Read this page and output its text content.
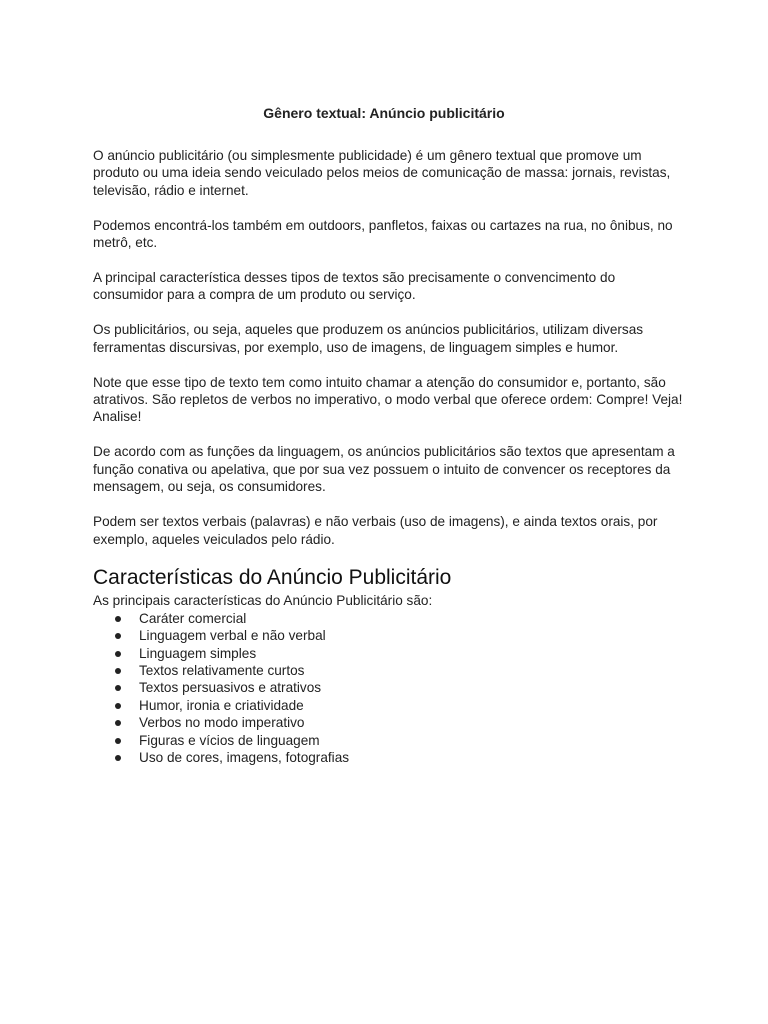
Gênero textual: Anúncio publicitário

O anúncio publicitário (ou simplesmente publicidade) é um gênero textual que promove um produto ou uma ideia sendo veiculado pelos meios de comunicação de massa: jornais, revistas, televisão, rádio e internet.

Podemos encontrá-los também em outdoors, panfletos, faixas ou cartazes na rua, no ônibus, no metrô, etc.

A principal característica desses tipos de textos são precisamente o convencimento do consumidor para a compra de um produto ou serviço.

Os publicitários, ou seja, aqueles que produzem os anúncios publicitários, utilizam diversas ferramentas discursivas, por exemplo, uso de imagens, de linguagem simples e humor.

Note que esse tipo de texto tem como intuito chamar a atenção do consumidor e, portanto, são atrativos. São repletos de verbos no imperativo, o modo verbal que oferece ordem: Compre! Veja! Analise!

De acordo com as funções da linguagem, os anúncios publicitários são textos que apresentam a função conativa ou apelativa, que por sua vez possuem o intuito de convencer os receptores da mensagem, ou seja, os consumidores.

Podem ser textos verbais (palavras) e não verbais (uso de imagens), e ainda textos orais, por exemplo, aqueles veiculados pelo rádio.

Características do Anúncio Publicitário

As principais características do Anúncio Publicitário são:

Caráter comercial
Linguagem verbal e não verbal
Linguagem simples
Textos relativamente curtos
Textos persuasivos e atrativos
Humor, ironia e criatividade
Verbos no modo imperativo
Figuras e vícios de linguagem
Uso de cores, imagens, fotografias
